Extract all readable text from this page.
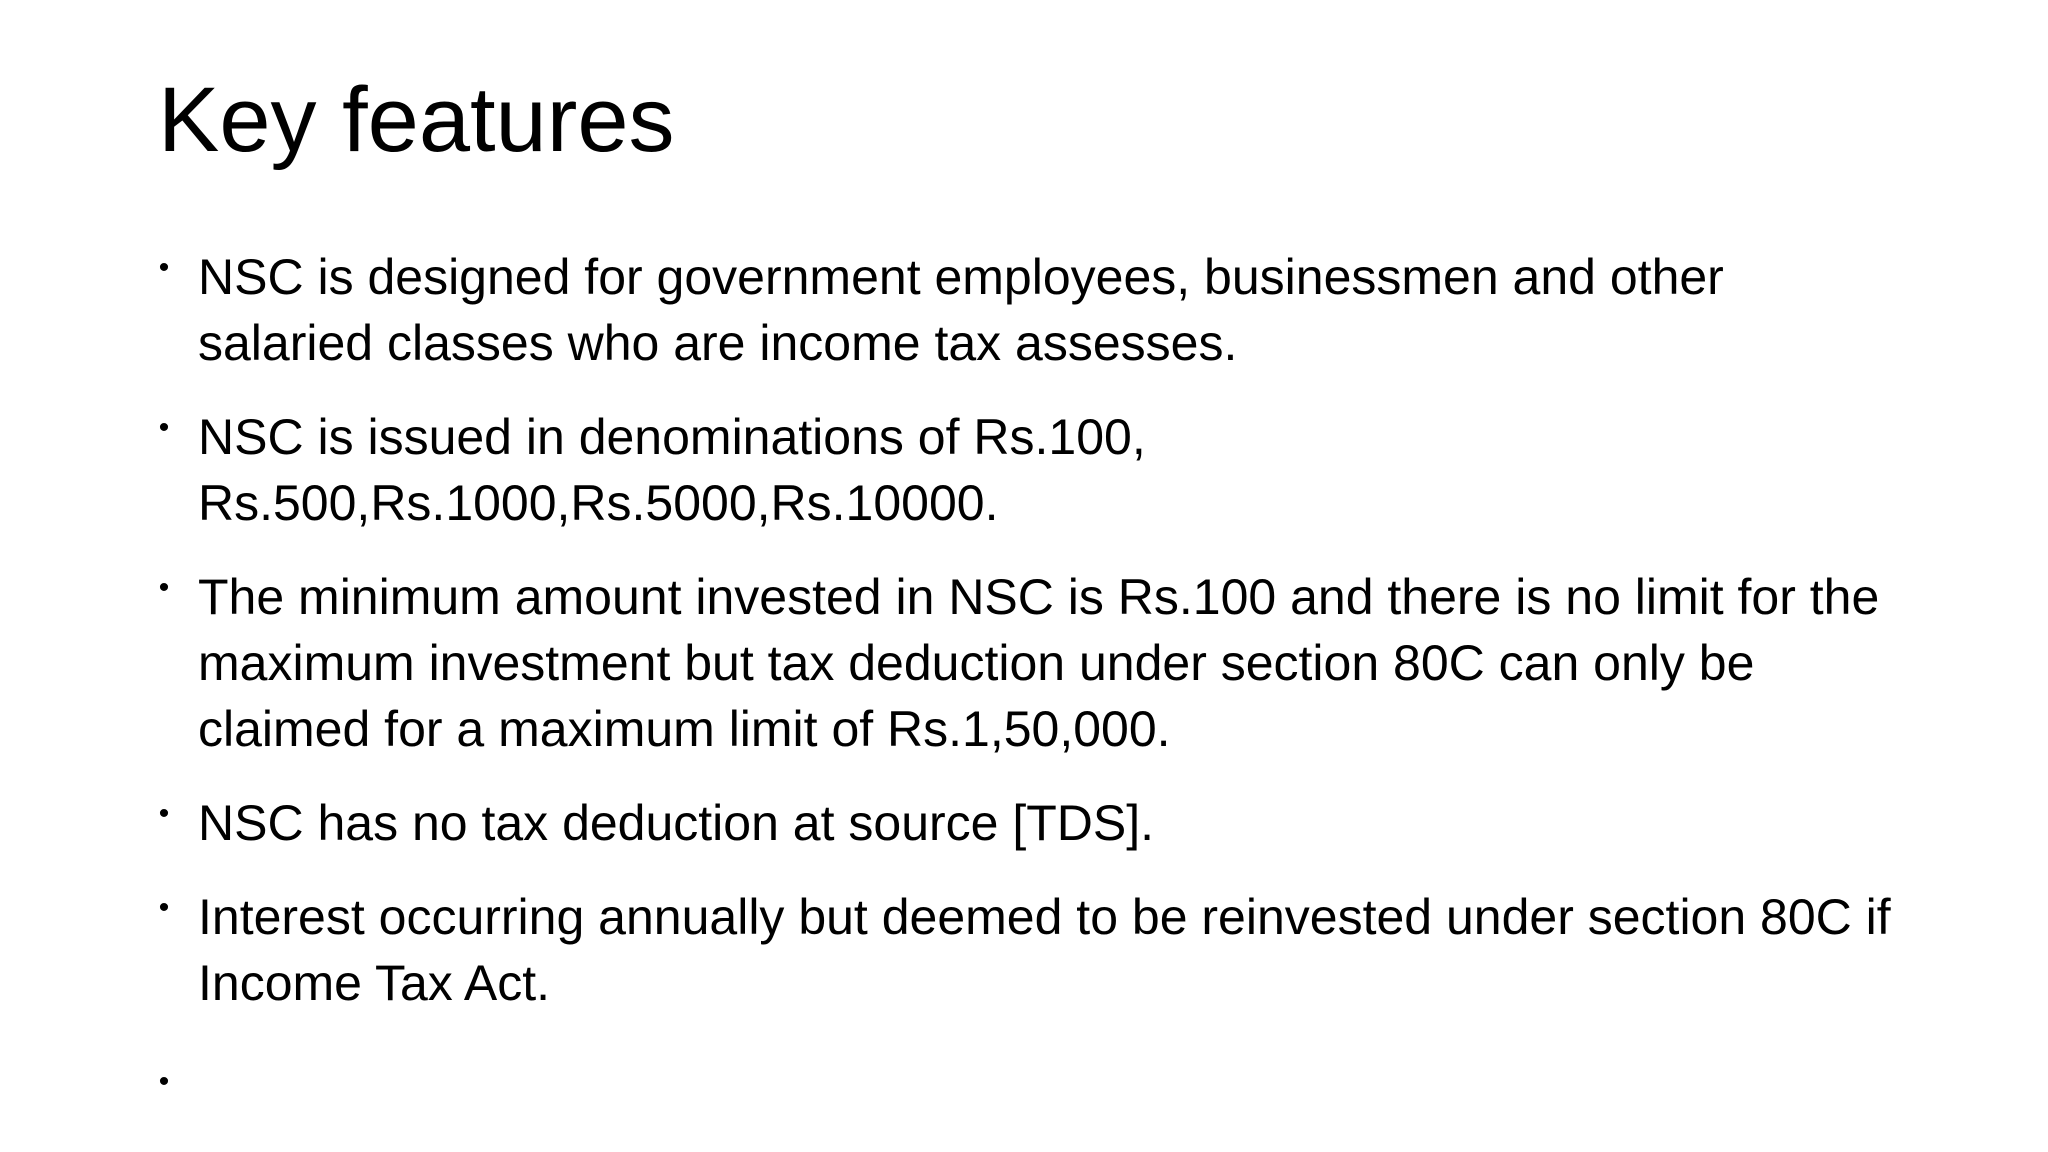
Key features
• NSC is designed for government employees, businessmen and other salaried classes who are income tax assesses.
• NSC is issued in denominations of Rs.100, Rs.500,Rs.1000,Rs.5000,Rs.10000.
• The minimum amount invested in NSC is Rs.100 and there is no limit for the maximum investment but tax deduction under section 80C can only be claimed for a maximum limit of Rs.1,50,000.
• NSC has no tax deduction at source [TDS].
• Interest occurring annually but deemed to be reinvested under section 80C if Income Tax Act.
•
